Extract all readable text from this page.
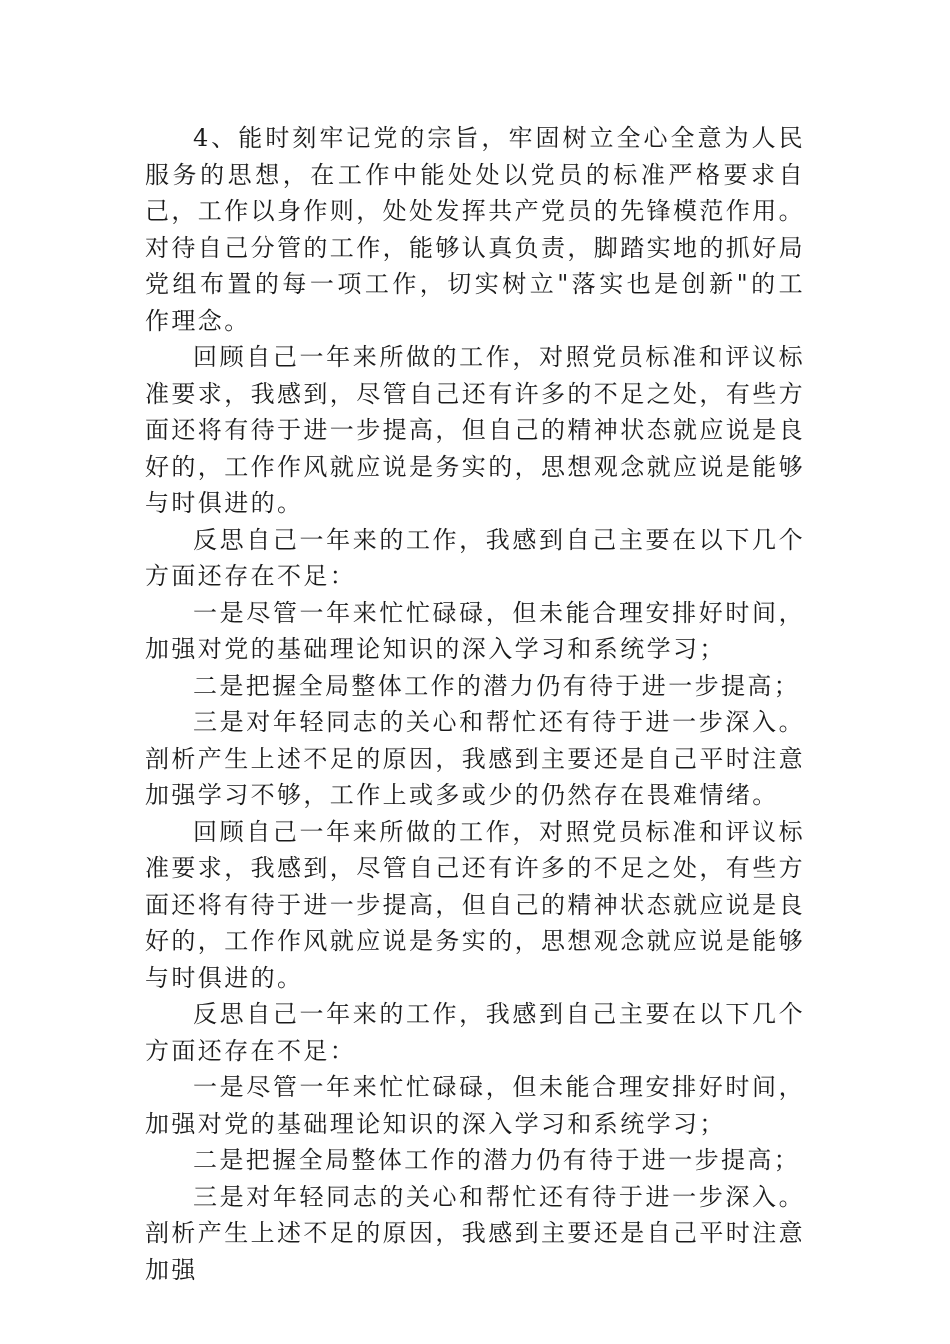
4、能时刻牢记党的宗旨，牢固树立全心全意为人民服务的思想，在工作中能处处以党员的标准严格要求自己，工作以身作则，处处发挥共产党员的先锋模范作用。对待自己分管的工作，能够认真负责，脚踏实地的抓好局党组布置的每一项工作，切实树立"落实也是创新"的工作理念。

回顾自己一年来所做的工作，对照党员标准和评议标准要求，我感到，尽管自己还有许多的不足之处，有些方面还将有待于进一步提高，但自己的精神状态就应说是良好的，工作作风就应说是务实的，思想观念就应说是能够与时俱进的。

反思自己一年来的工作，我感到自己主要在以下几个方面还存在不足：

一是尽管一年来忙忙碌碌，但未能合理安排好时间，加强对党的基础理论知识的深入学习和系统学习；

二是把握全局整体工作的潜力仍有待于进一步提高；

三是对年轻同志的关心和帮忙还有待于进一步深入。剖析产生上述不足的原因，我感到主要还是自己平时注意加强学习不够，工作上或多或少的仍然存在畏难情绪。

回顾自己一年来所做的工作，对照党员标准和评议标准要求，我感到，尽管自己还有许多的不足之处，有些方面还将有待于进一步提高，但自己的精神状态就应说是良好的，工作作风就应说是务实的，思想观念就应说是能够与时俱进的。

反思自己一年来的工作，我感到自己主要在以下几个方面还存在不足：

一是尽管一年来忙忙碌碌，但未能合理安排好时间，加强对党的基础理论知识的深入学习和系统学习；

二是把握全局整体工作的潜力仍有待于进一步提高；

三是对年轻同志的关心和帮忙还有待于进一步深入。剖析产生上述不足的原因，我感到主要还是自己平时注意加强
